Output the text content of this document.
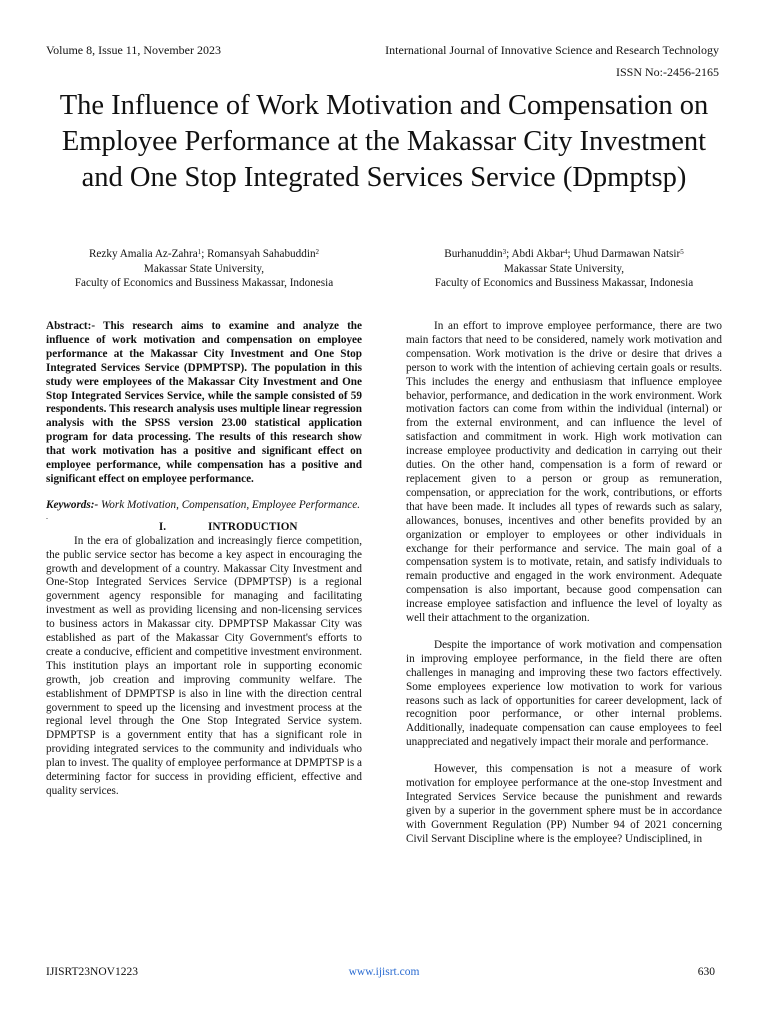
Volume 8, Issue 11, November 2023	International Journal of Innovative Science and Research Technology
ISSN No:-2456-2165
The Influence of Work Motivation and Compensation on Employee Performance at the Makassar City Investment and One Stop Integrated Services Service (Dpmptsp)
Rezky Amalia Az-Zahra$^1$; Romansyah Sahabuddin$^2$
Makassar State University,
Faculty of Economics and Bussiness Makassar, Indonesia
Burhanuddin$^3$; Abdi Akbar$^4$; Uhud Darmawan Natsir$^5$
Makassar State University,
Faculty of Economics and Bussiness Makassar, Indonesia

Abstract:- This research aims to examine and analyze the influence of work motivation and compensation on employee performance at the Makassar City Investment and One Stop Integrated Services Service (DPMPTSP). The population in this study were employees of the Makassar City Investment and One Stop Integrated Services Service, while the sample consisted of 59 respondents. This research analysis uses multiple linear regression analysis with the SPSS version 23.00 statistical application program for data processing. The results of this research show that work motivation has a positive and significant effect on employee performance, while compensation has a positive and significant effect on employee performance.

Keywords:- Work Motivation, Compensation, Employee Performance.

.

I.	INTRODUCTION

In the era of globalization and increasingly fierce competition, the public service sector has become a key aspect in encouraging the growth and development of a country. Makassar City Investment and One-Stop Integrated Services Service (DPMPTSP) is a regional government agency responsible for managing and facilitating investment as well as providing licensing and non-licensing services to business actors in Makassar city. DPMPTSP Makassar City was established as part of the Makassar City Government's efforts to create a conducive, efficient and competitive investment environment. This institution plays an important role in supporting economic growth, job creation and improving community welfare. The establishment of DPMPTSP is also in line with the direction central government to speed up the licensing and investment process at the regional level through the One Stop Integrated Service system. DPMPTSP is a government entity that has a significant role in providing integrated services to the community and individuals who plan to invest. The quality of employee performance at DPMPTSP is a determining factor for success in providing efficient, effective and quality services.

In an effort to improve employee performance, there are two main factors that need to be considered, namely work motivation and compensation. Work motivation is the drive or desire that drives a person to work with the intention of achieving certain goals or results. This includes the energy and enthusiasm that influence employee behavior, performance, and dedication in the work environment. Work motivation factors can come from within the individual (internal) or from the external environment, and can influence the level of satisfaction and commitment in work. High work motivation can increase employee productivity and dedication in carrying out their duties. On the other hand, compensation is a form of reward or replacement given to a person or group as remuneration, compensation, or appreciation for the work, contributions, or efforts that have been made. It includes all types of rewards such as salary, allowances, bonuses, incentives and other benefits provided by an organization or employer to employees or other individuals in exchange for their performance and service. The main goal of a compensation system is to motivate, retain, and satisfy individuals to remain productive and engaged in the work environment. Adequate compensation is also important, because good compensation can increase employee satisfaction and influence the level of loyalty as well their attachment to the organization.

Despite the importance of work motivation and compensation in improving employee performance, in the field there are often challenges in managing and improving these two factors effectively. Some employees experience low motivation to work for various reasons such as lack of opportunities for career development, lack of recognition poor performance, or other internal problems. Additionally, inadequate compensation can cause employees to feel unappreciated and negatively impact their morale and performance.

However, this compensation is not a measure of work motivation for employee performance at the one-stop Investment and Integrated Services Service because the punishment and rewards given by a superior in the government sphere must be in accordance with Government Regulation (PP) Number 94 of 2021 concerning Civil Servant Discipline where is the employee? Undisciplined, in

IJISRT23NOV1223	www.ijisrt.com	630
